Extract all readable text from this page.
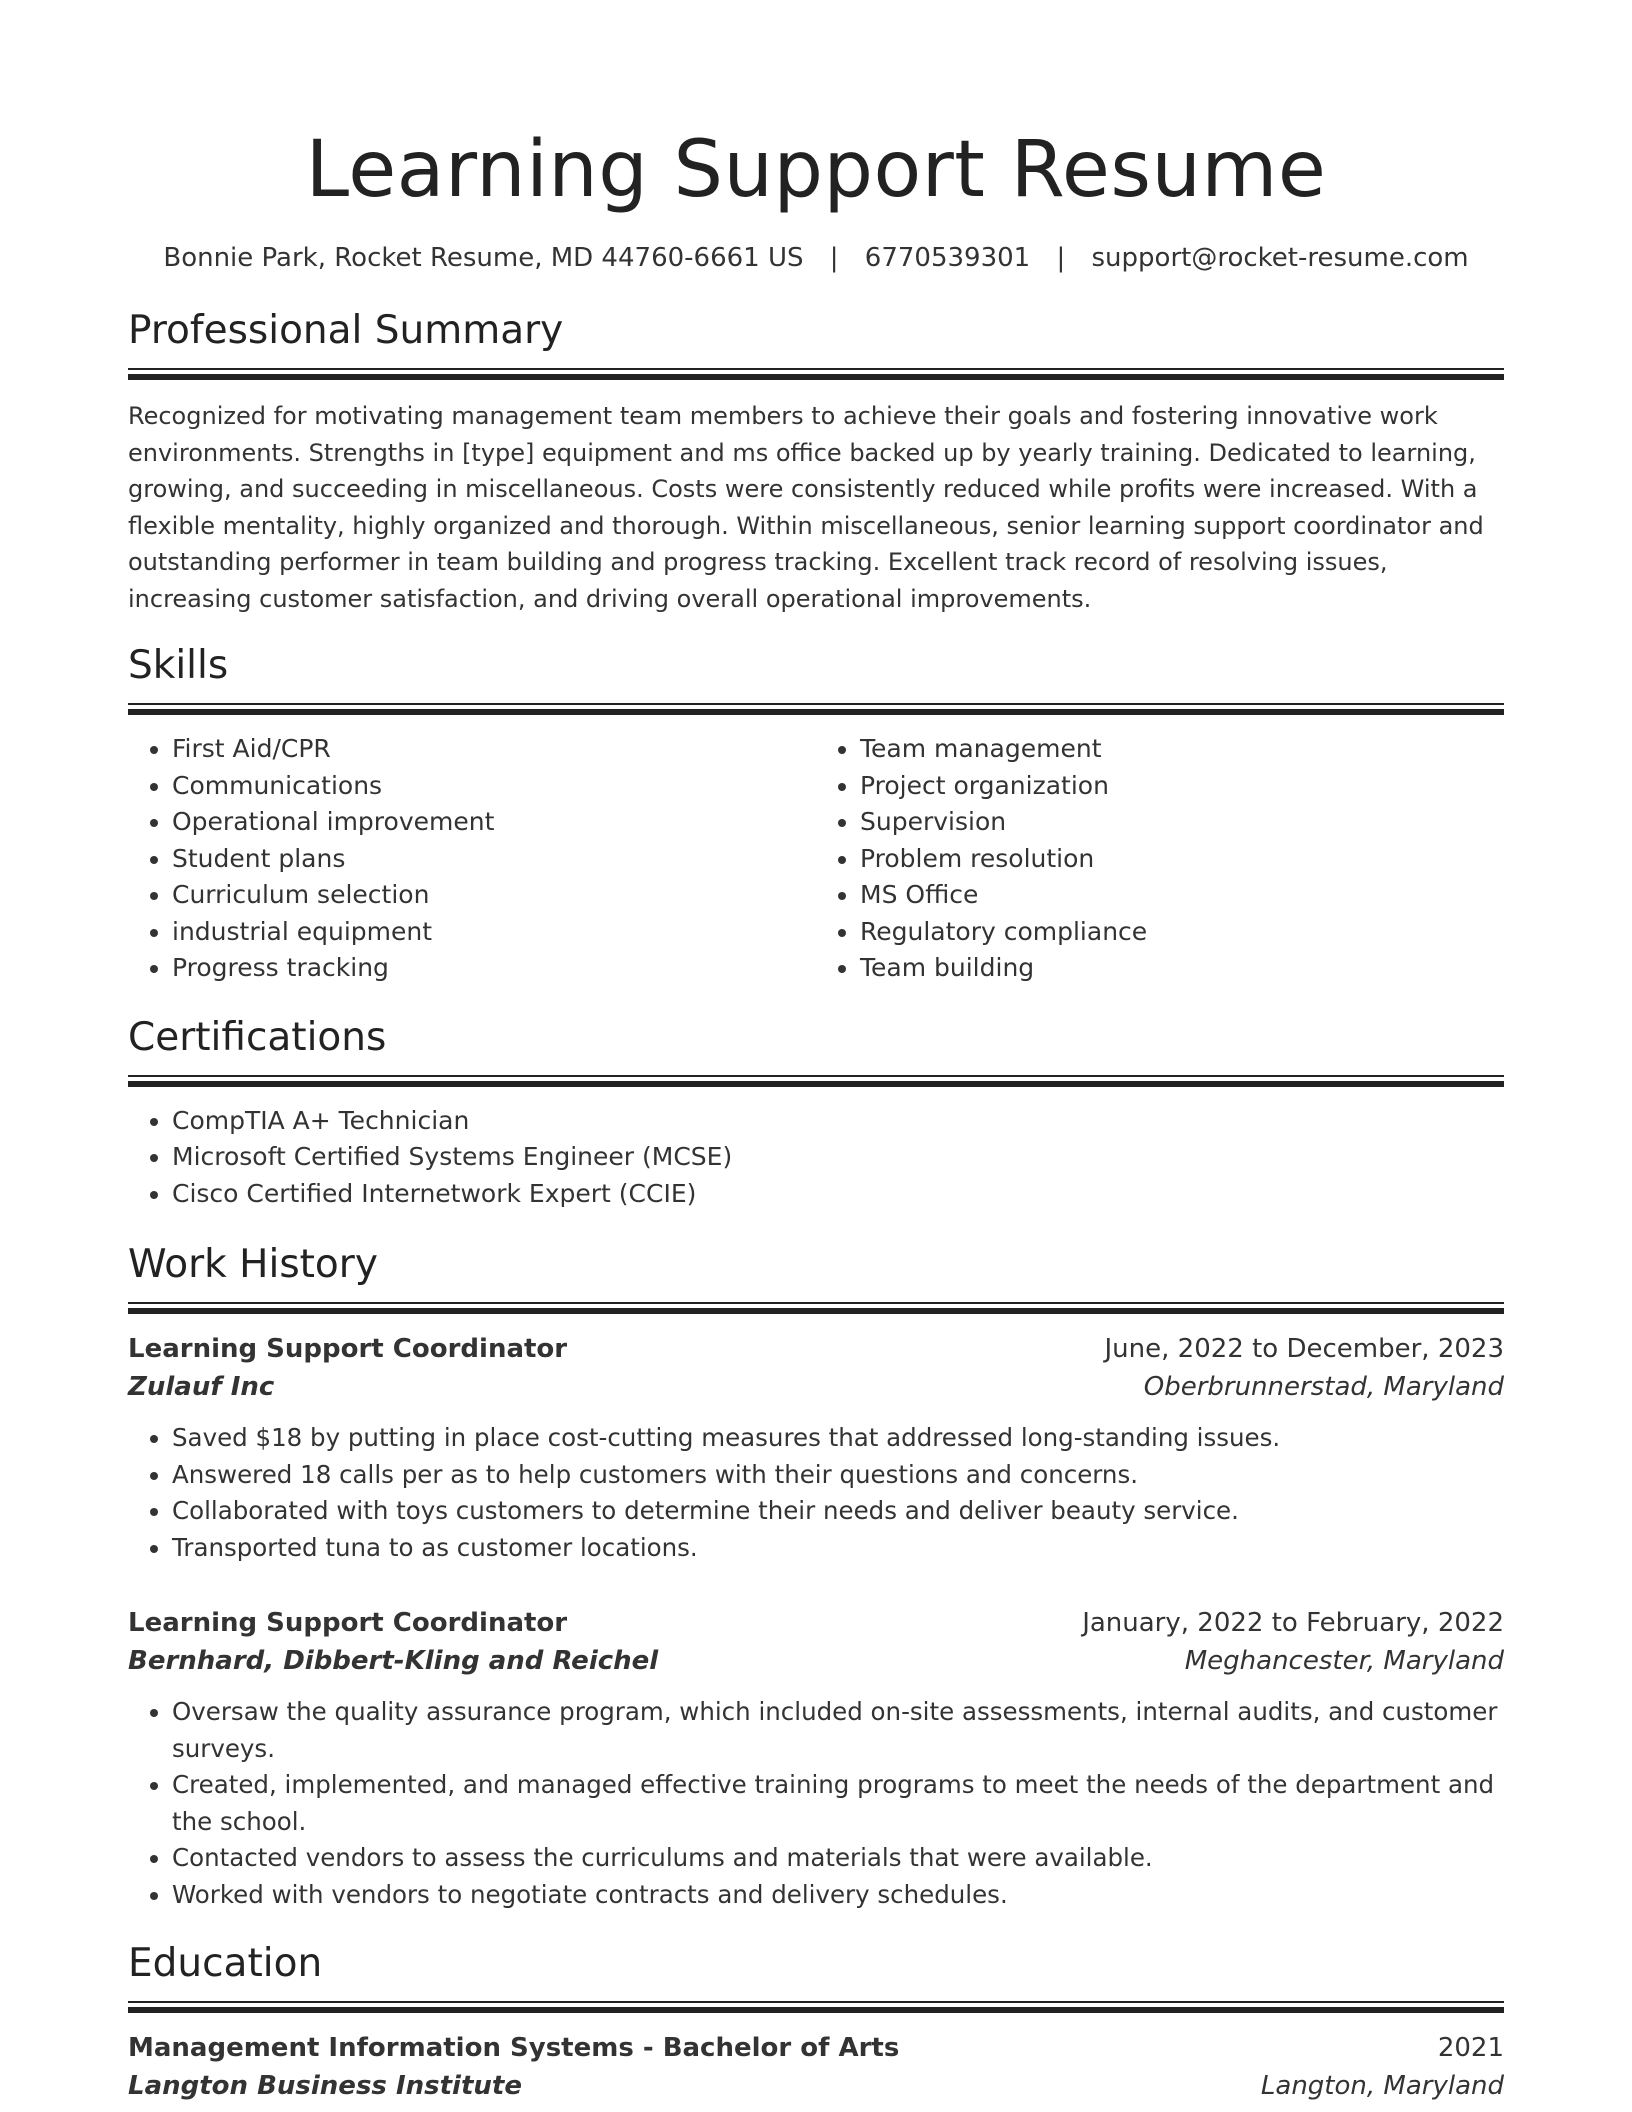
Learning Support Resume
Bonnie Park, Rocket Resume, MD 44760-6661 US | 6770539301 | support@rocket-resume.com
Professional Summary

Recognized for motivating management team members to achieve their goals and fostering innovative work environments. Strengths in [type] equipment and ms office backed up by yearly training. Dedicated to learning, growing, and succeeding in miscellaneous. Costs were consistently reduced while profits were increased. With a flexible mentality, highly organized and thorough. Within miscellaneous, senior learning support coordinator and outstanding performer in team building and progress tracking. Excellent track record of resolving issues, increasing customer satisfaction, and driving overall operational improvements.

Skills
• First Aid/CPR
• Communications
• Operational improvement
• Student plans
• Curriculum selection
• industrial equipment
• Progress tracking
• Team management
• Project organization
• Supervision
• Problem resolution
• MS Office
• Regulatory compliance
• Team building
Certifications
• CompTIA A+ Technician
• Microsoft Certified Systems Engineer (MCSE)
• Cisco Certified Internetwork Expert (CCIE)
Work History
Learning Support Coordinator	June, 2022 to December, 2023
Zulauf Inc	Oberbrunnerstad, Maryland
• Saved $18 by putting in place cost-cutting measures that addressed long-standing issues.
• Answered 18 calls per as to help customers with their questions and concerns.
• Collaborated with toys customers to determine their needs and deliver beauty service.
• Transported tuna to as customer locations.
Learning Support Coordinator	January, 2022 to February, 2022
Bernhard, Dibbert-Kling and Reichel	Meghancester, Maryland
• Oversaw the quality assurance program, which included on-site assessments, internal audits, and customer surveys.
• Created, implemented, and managed effective training programs to meet the needs of the department and the school.
• Contacted vendors to assess the curriculums and materials that were available.
• Worked with vendors to negotiate contracts and delivery schedules.
Education
Management Information Systems - Bachelor of Arts	2021
Langton Business Institute	Langton, Maryland
